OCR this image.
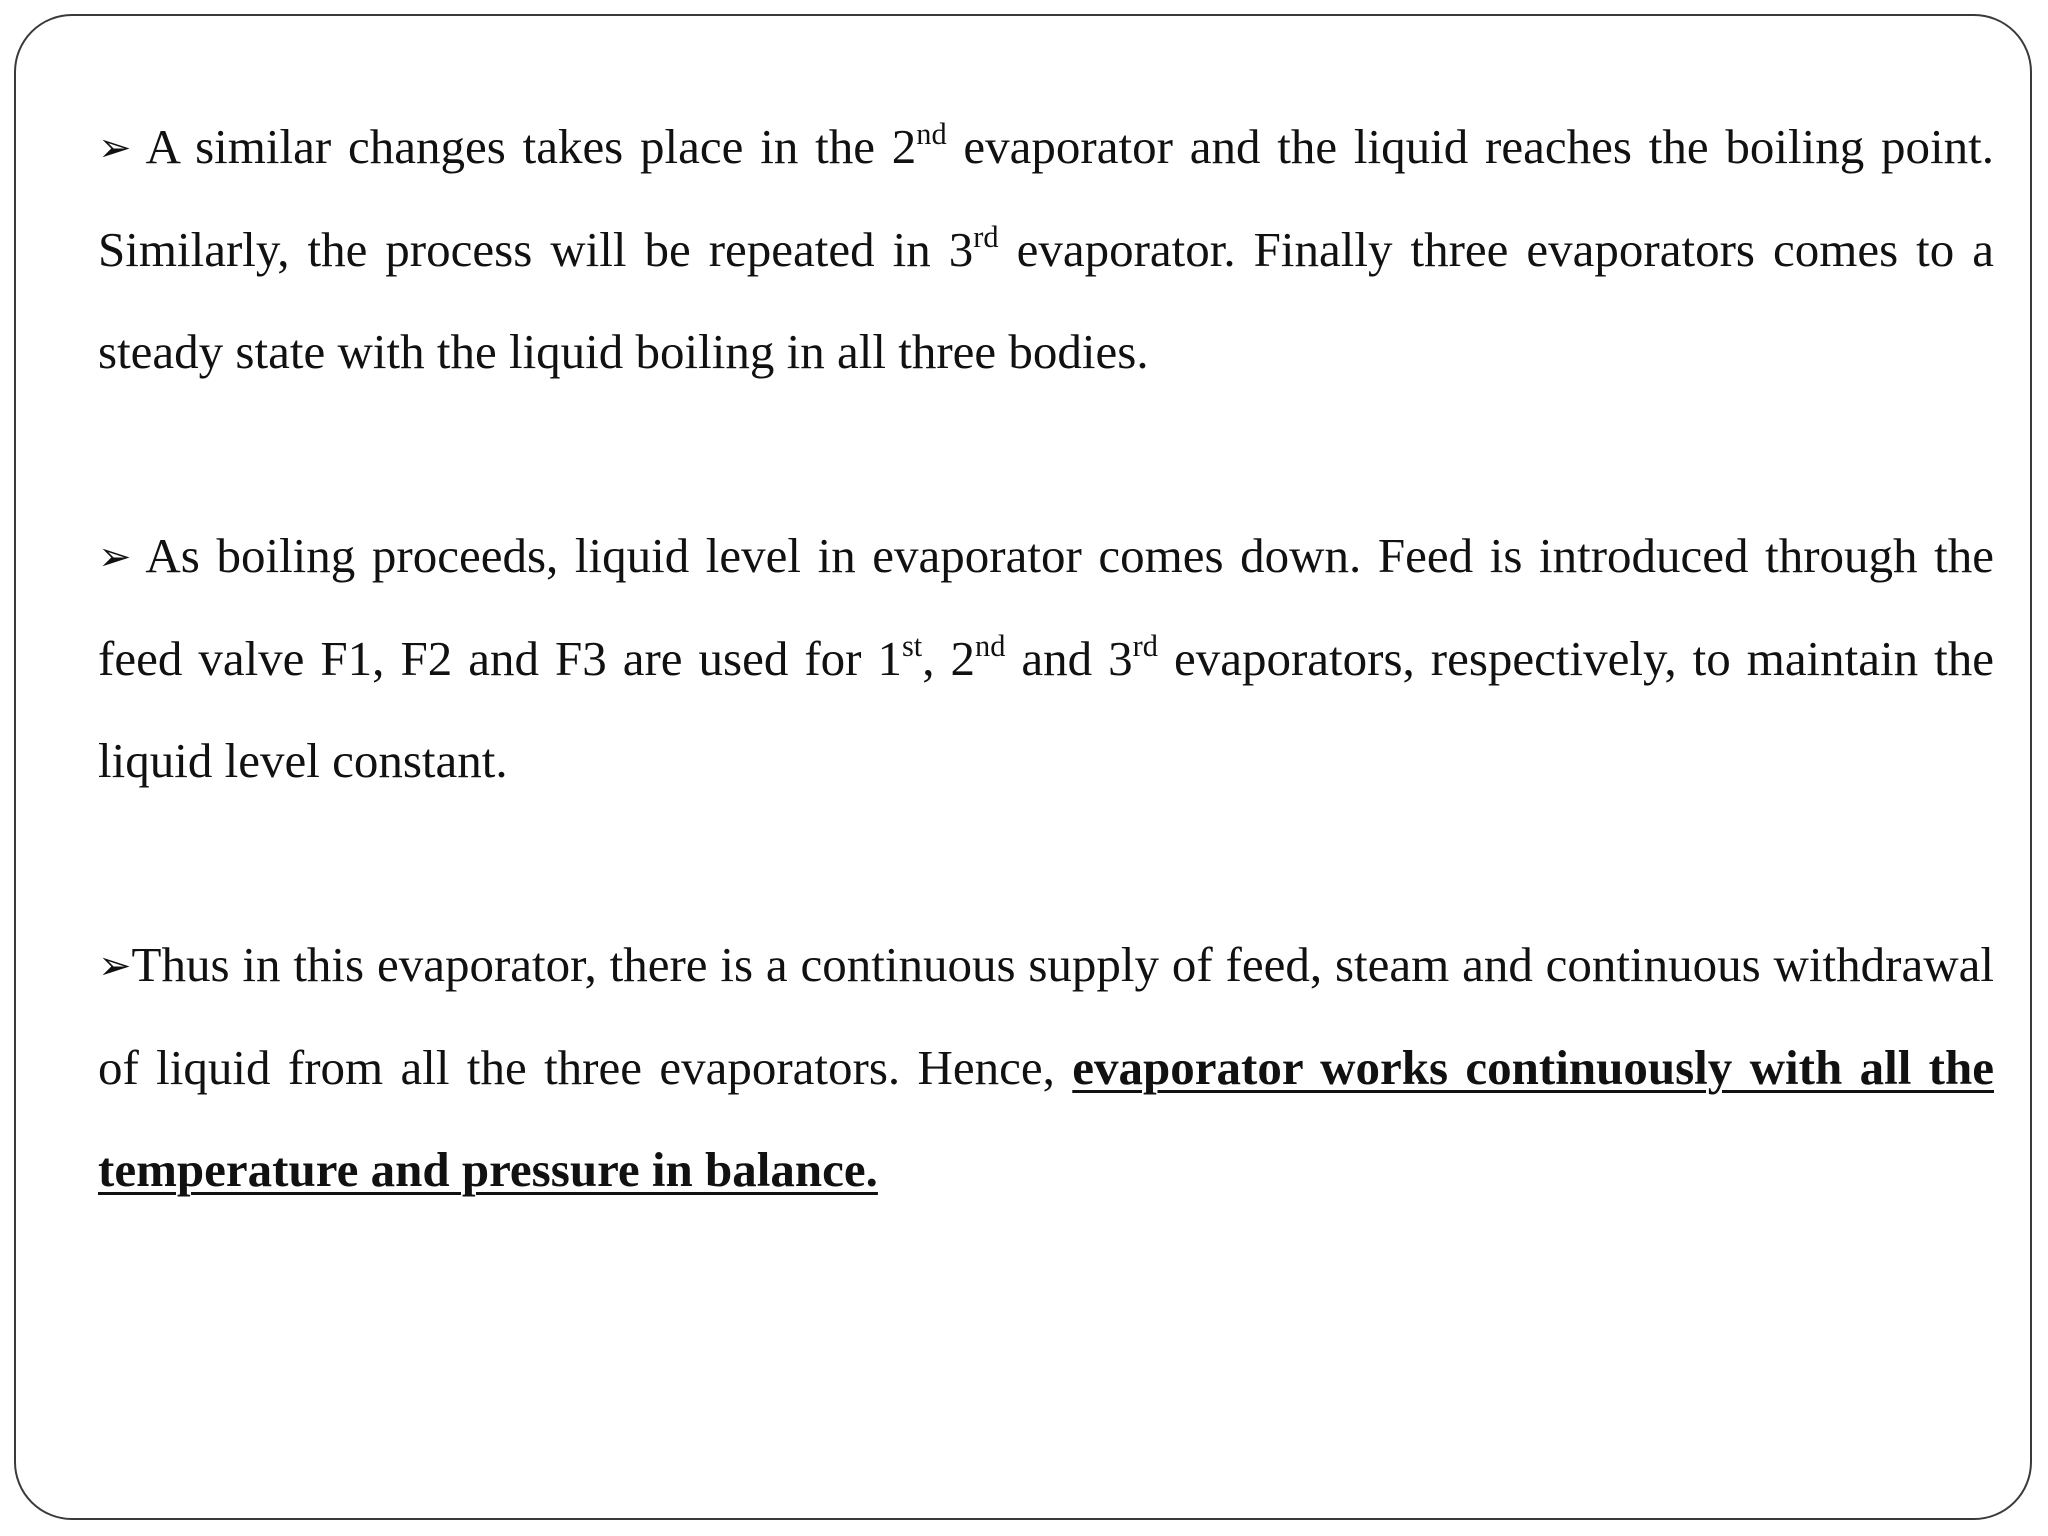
➢ A similar changes takes place in the 2nd evaporator and the liquid reaches the boiling point. Similarly, the process will be repeated in 3rd evaporator. Finally three evaporators comes to a steady state with the liquid boiling in all three bodies.

➢ As boiling proceeds, liquid level in evaporator comes down. Feed is introduced through the feed valve F1, F2 and F3 are used for 1st, 2nd and 3rd evaporators, respectively, to maintain the liquid level constant.

➢Thus in this evaporator, there is a continuous supply of feed, steam and continuous withdrawal of liquid from all the three evaporators. Hence, evaporator works continuously with all the temperature and pressure in balance.
